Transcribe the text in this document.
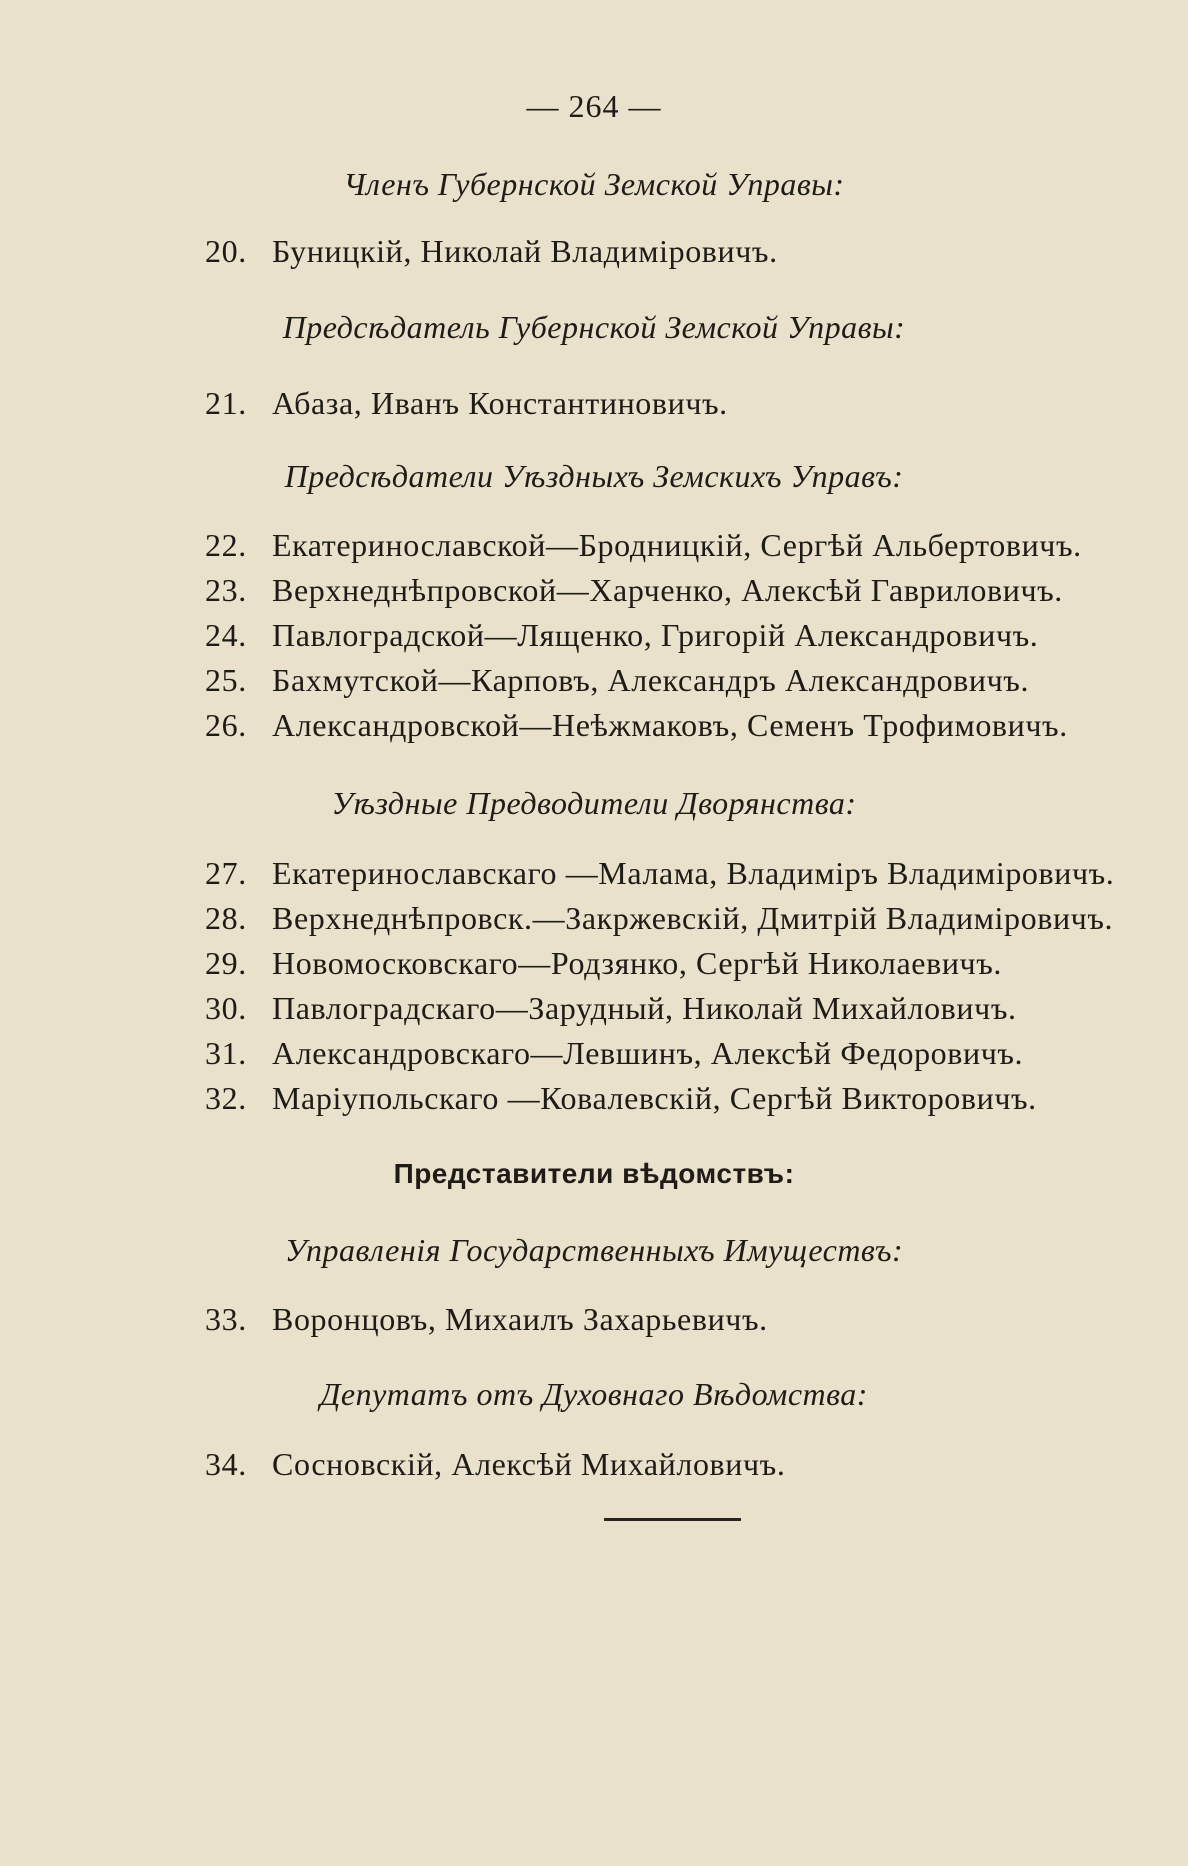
— 264 —
Членъ Губернской Земской Управы:
20. Буницкій, Николай Владиміровичъ.
Предсѣдатель Губернской Земской Управы:
21. Абаза, Иванъ Константиновичъ.
Предсѣдатели Уѣздныхъ Земскихъ Управъ:
22. Екатеринославской—Бродницкій, Сергѣй Альбертовичъ.
23. Верхнеднѣпровской—Харченко, Алексѣй Гавриловичъ.
24. Павлоградской—Лященко, Григорій Александровичъ.
25. Бахмутской—Карповъ, Александръ Александровичъ.
26. Александровской—Неѣжмаковъ, Семенъ Трофимовичъ.
Уѣздные Предводители Дворянства:
27. Екатеринославскаго —Малама, Владиміръ Владиміровичъ.
28. Верхнеднѣпровск.—Закржевскій, Дмитрій Владиміровичъ.
29. Новомосковскаго—Родзянко, Сергѣй Николаевичъ.
30. Павлоградскаго—Зарудный, Николай Михайловичъ.
31. Александровскаго—Левшинъ, Алексѣй Федоровичъ.
32. Маріупольскаго —Ковалевскій, Сергѣй Викторовичъ.
Представители вѣдомствъ:
Управленія Государственныхъ Имуществъ:
33. Воронцовъ, Михаилъ Захарьевичъ.
Депутатъ отъ Духовнаго Вѣдомства:
34. Сосновскій, Алексѣй Михайловичъ.
